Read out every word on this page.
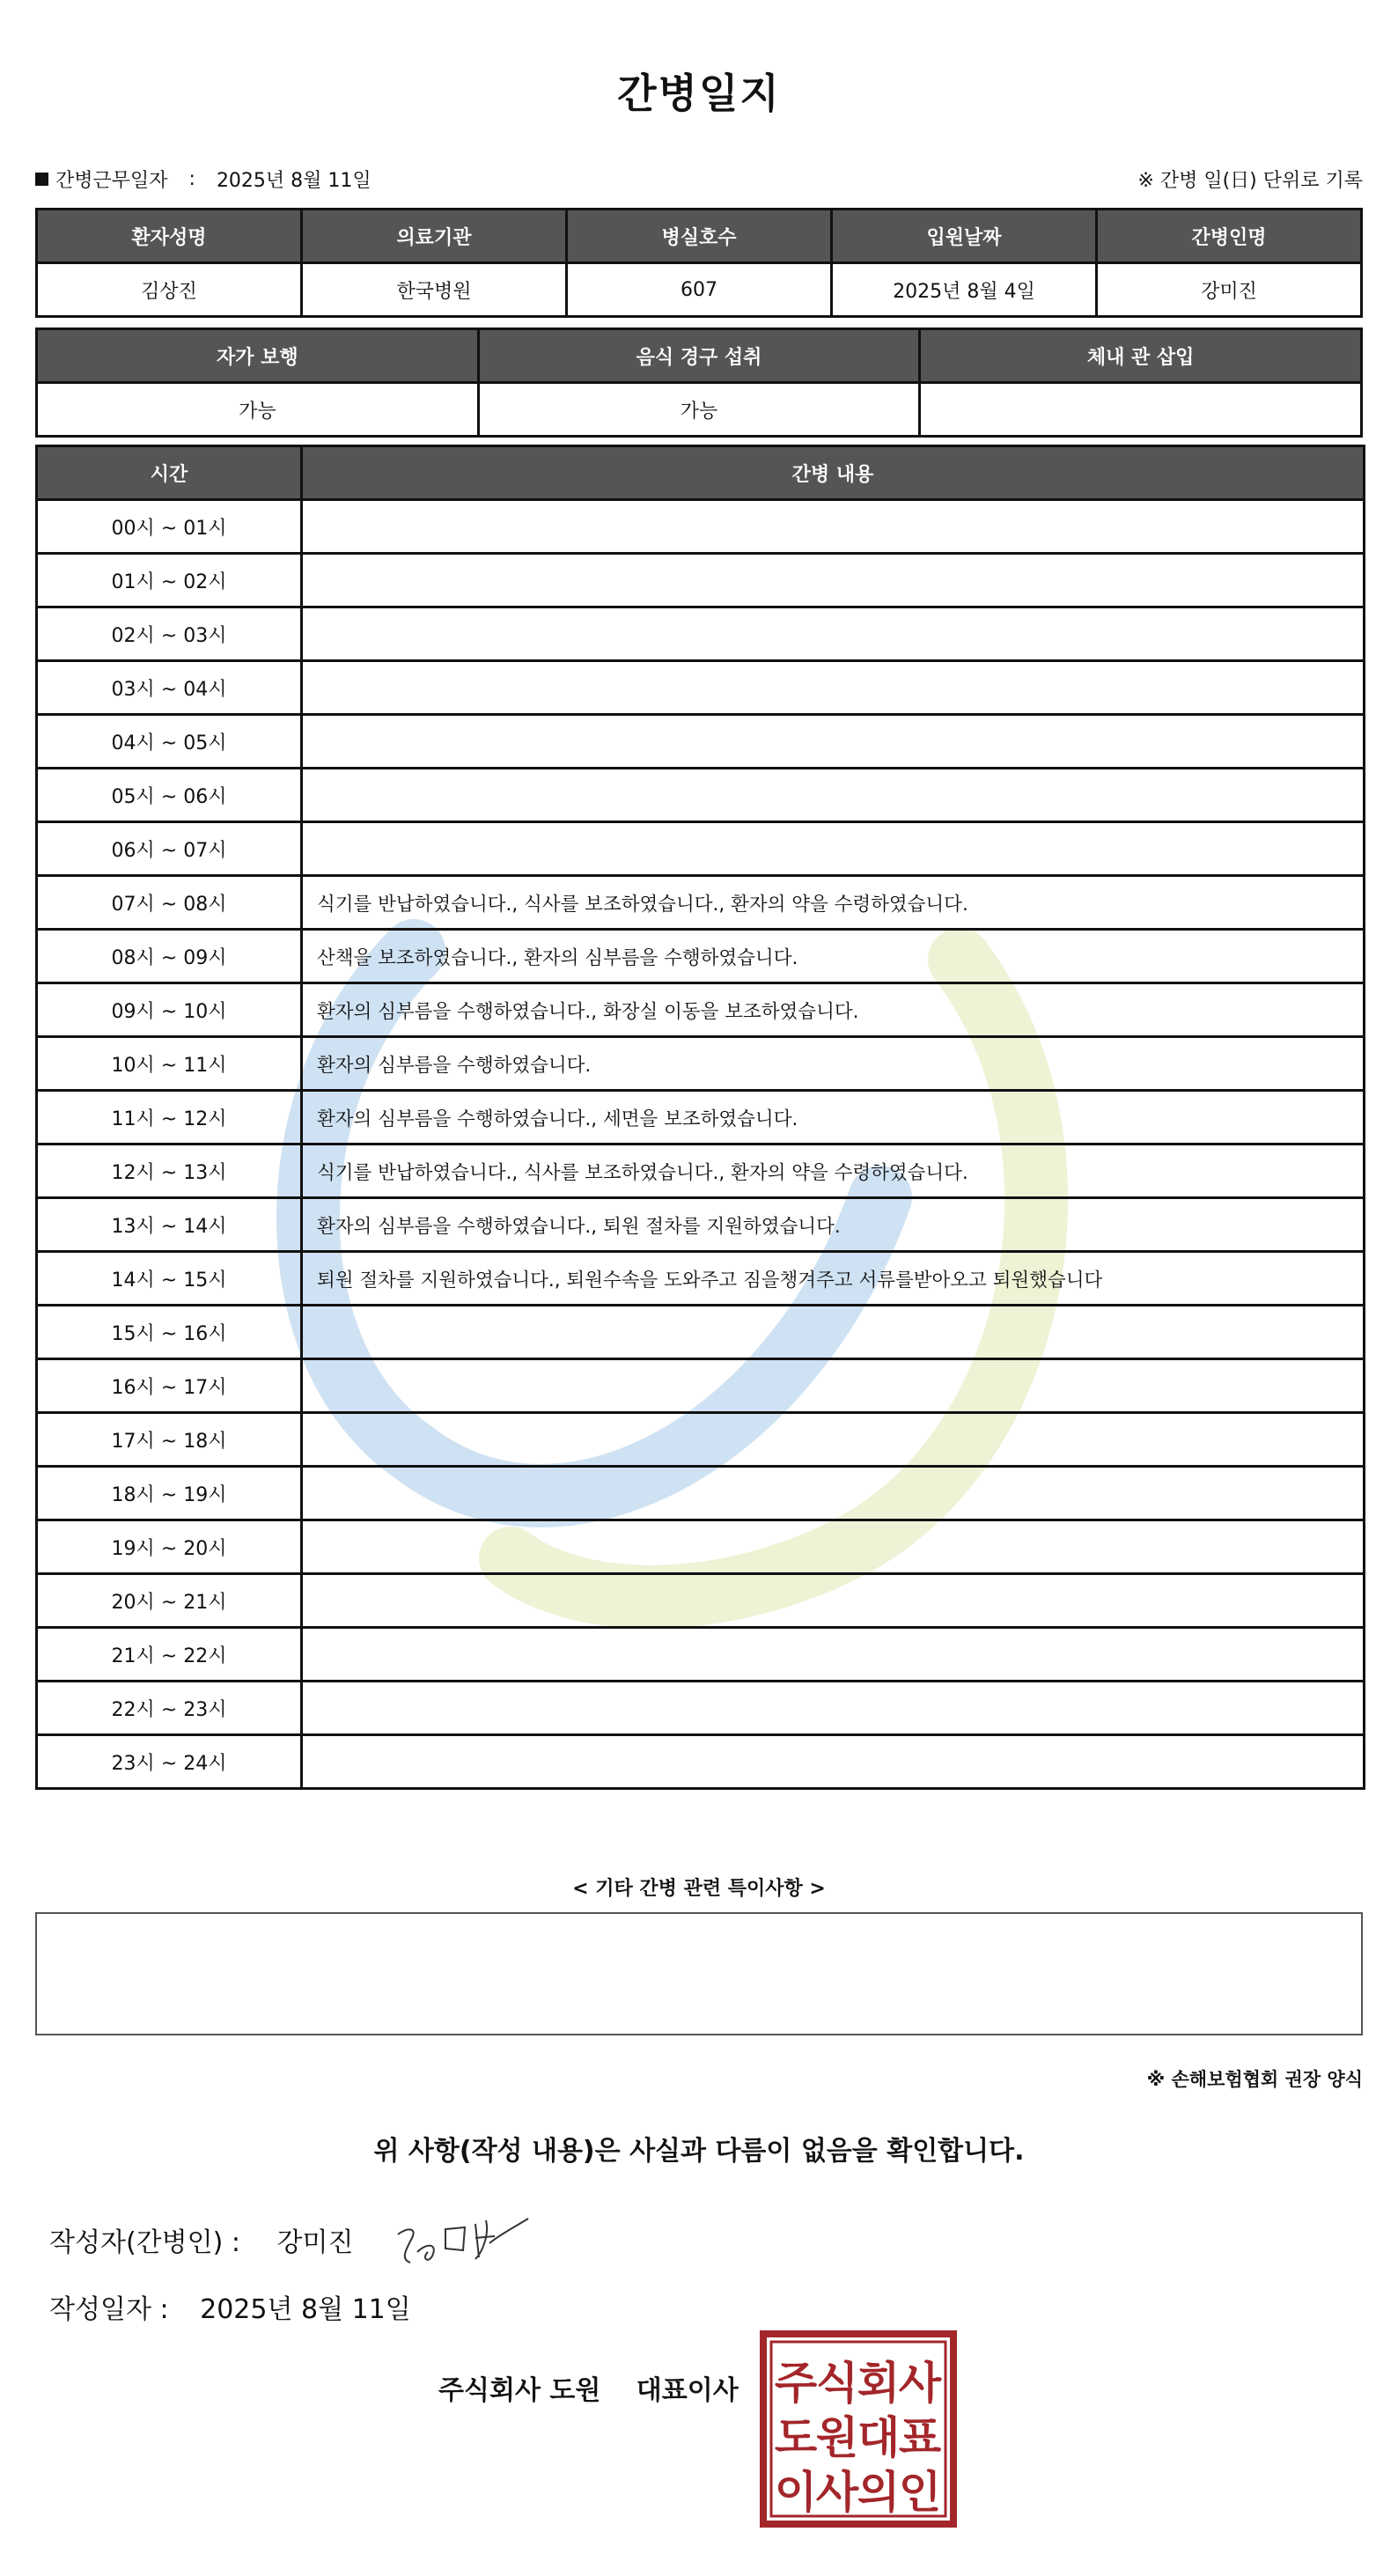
간병일지
간병근무일자 : 2025년 8월 11일	※ 간병 일(日) 단위로 기록
환자성명	의료기관	병실호수	입원날짜	간병인명
김상진	한국병원	607	2025년 8월 4일	강미진
자가 보행	음식 경구 섭취	체내 관 삽입
가능	가능	
시간	간병 내용
00시 ~ 01시	
01시 ~ 02시	
02시 ~ 03시	
03시 ~ 04시	
04시 ~ 05시	
05시 ~ 06시	
06시 ~ 07시	
07시 ~ 08시	식기를 반납하였습니다., 식사를 보조하였습니다., 환자의 약을 수령하였습니다.
08시 ~ 09시	산책을 보조하였습니다., 환자의 심부름을 수행하였습니다.
09시 ~ 10시	환자의 심부름을 수행하였습니다., 화장실 이동을 보조하였습니다.
10시 ~ 11시	환자의 심부름을 수행하였습니다.
11시 ~ 12시	환자의 심부름을 수행하였습니다., 세면을 보조하였습니다.
12시 ~ 13시	식기를 반납하였습니다., 식사를 보조하였습니다., 환자의 약을 수령하였습니다.
13시 ~ 14시	환자의 심부름을 수행하였습니다., 퇴원 절차를 지원하였습니다.
14시 ~ 15시	퇴원 절차를 지원하였습니다., 퇴원수속을 도와주고 짐을챙겨주고 서류를받아오고 퇴원했습니다
15시 ~ 16시	
16시 ~ 17시	
17시 ~ 18시	
18시 ~ 19시	
19시 ~ 20시	
20시 ~ 21시	
21시 ~ 22시	
22시 ~ 23시	
23시 ~ 24시	
< 기타 간병 관련 특이사항 >
※ 손해보험협회 권장 양식
위 사항(작성 내용)은 사실과 다름이 없음을 확인합니다.
작성자(간병인) : 강미진
작성일자 : 2025년 8월 11일
주식회사 도원 대표이사 주
식
회
사
도
원
대
표
이
사
의
인
